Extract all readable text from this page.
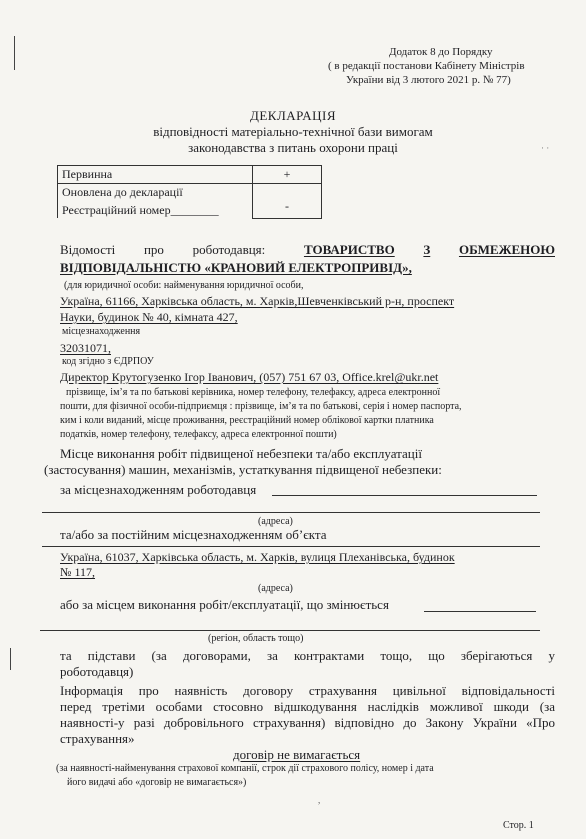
Додаток 8 до Порядку
( в редакції постанови Кабінету Міністрів
України від 3 лютого 2021 р. № 77)
ДЕКЛАРАЦІЯ
відповідності матеріально-технічної бази вимогам
законодавства з питань охорони праці	· ·
Первинна	+

Оновлена до декларації
Реєстраційний номер________	-
Відомості про роботодавця:	ТОВАРИСТВО З ОБМЕЖЕНОЮ
ВІДПОВІДАЛЬНІСТЮ «КРАНОВИЙ ЕЛЕКТРОПРИВІД»,
(для юридичної особи: найменування юридичної особи,
Україна, 61166, Харківська область, м. Харків,Шевченківський р-н, проспект
Науки, будинок № 40, кімната 427,
місцезнаходження
32031071,
код згідно з ЄДРПОУ
Директор Крутогузенко Ігор Іванович, (057) 751 67 03, Office.krel@ukr.net
прізвище, ім’я та по батькові керівника, номер телефону, телефаксу, адреса електронної
пошти, для фізичної особи-підприємця : прізвище, ім’я та по батькові, серія і номер паспорта,
ким і коли виданий, місце проживання, реєстраційний номер облікової картки платника
податків, номер телефону, телефаксу, адреса електронної пошти)
Місце виконання робіт підвищеної небезпеки та/або експлуатації
(застосування) машин, механізмів, устаткування підвищеної небезпеки:
за місцезнаходженням роботодавця
(адреса)
та/або за постійним місцезнаходженням об’єкта
Україна, 61037, Харківська область, м. Харків, вулиця Плеханівська, будинок
№ 117,
(адреса)
або за місцем виконання робіт/експлуатації, що змінюється
(регіон, область тощо)
та підстави (за договорами, за контрактами тощо, що зберігаються у
роботодавця)
Інформація про наявність договору страхування цивільної відповідальності
перед третіми особами стосовно відшкодування наслідків можливої шкоди (за
наявності-у разі добровільного страхування) відповідно до Закону України «Про
страхування»
договір не вимагається
(за наявності-найменування страхової компанії, строк дії страхового полісу, номер і дата
його видачі або «договір не вимагається»)
,
Стор. 1
